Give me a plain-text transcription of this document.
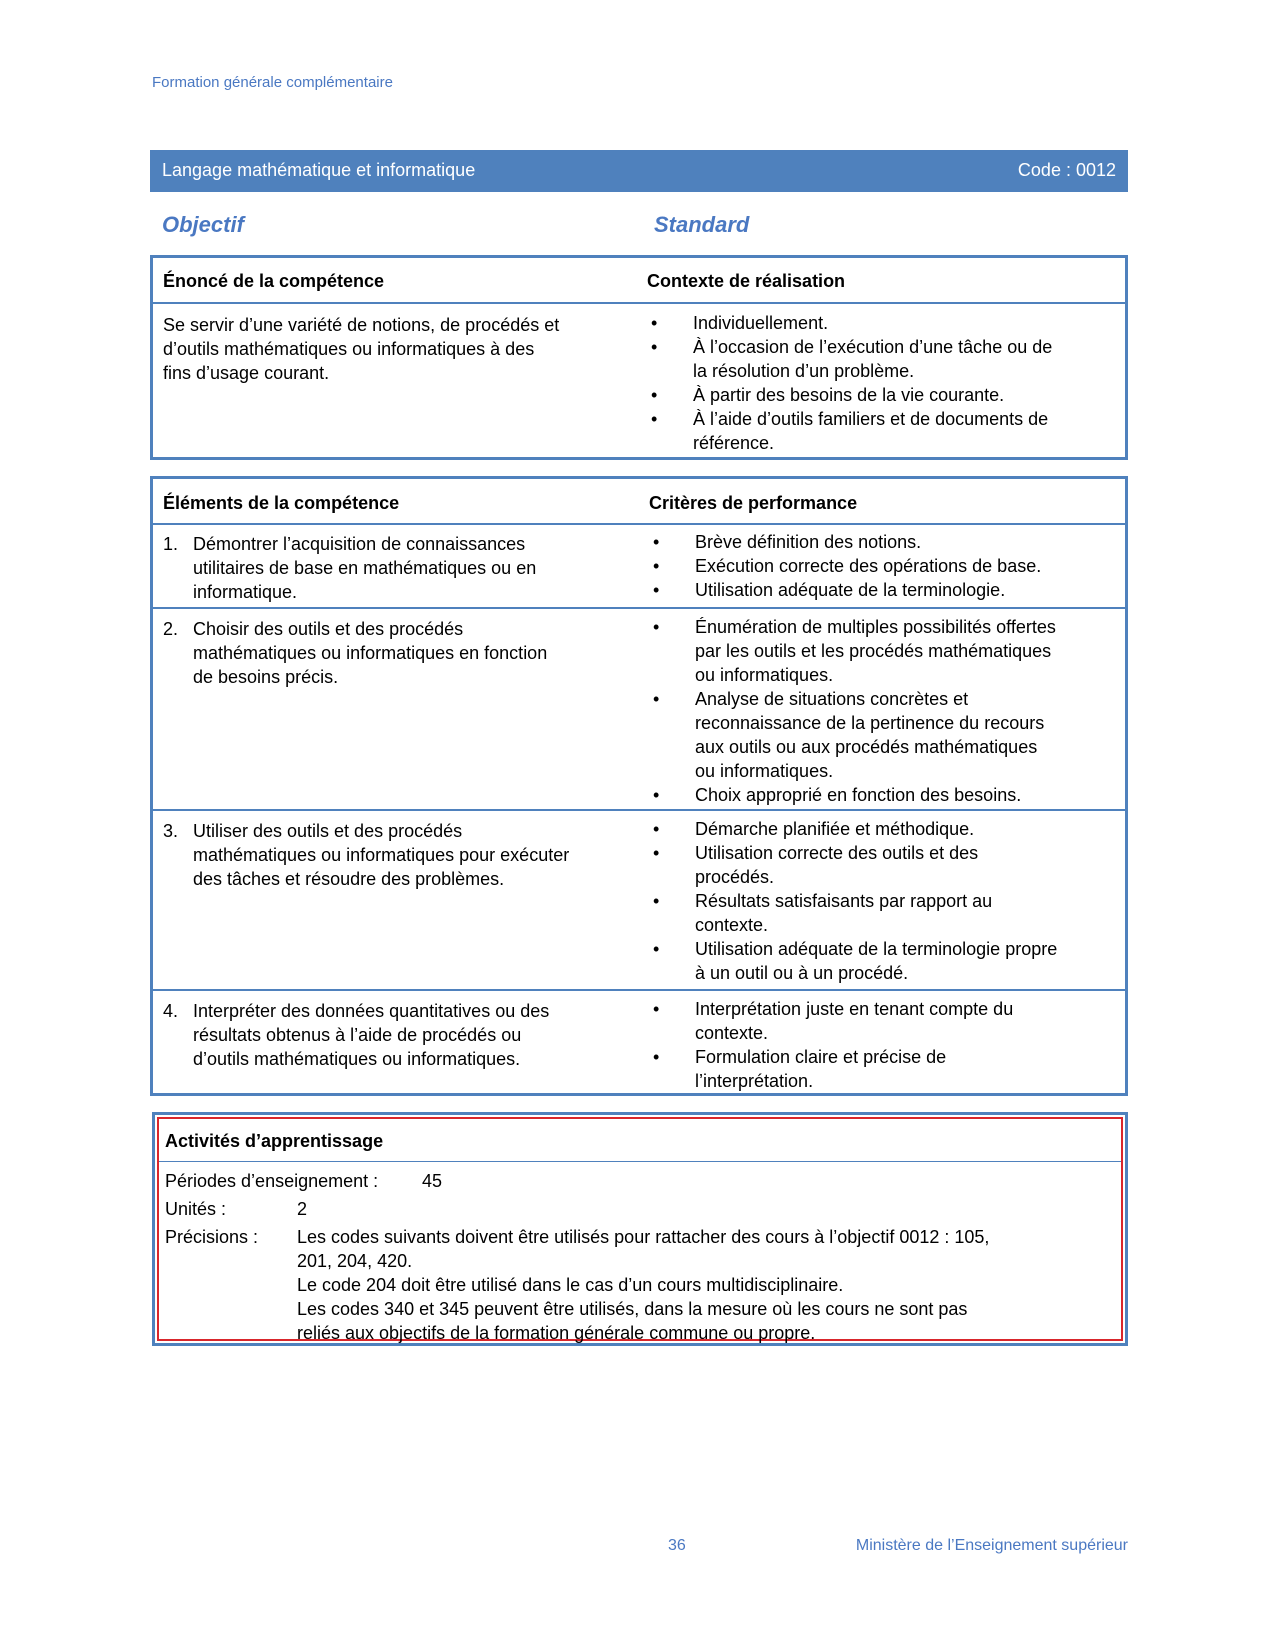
Formation générale complémentaire
Langage mathématique et informatique	Code : 0012
Objectif	Standard
Énoncé de la compétence	Contexte de réalisation
Se servir d’une variété de notions, de procédés et
d’outils mathématiques ou informatiques à des
fins d’usage courant.
• Individuellement.
• À l’occasion de l’exécution d’une tâche ou de
la résolution d’un problème.
• À partir des besoins de la vie courante.
• À l’aide d’outils familiers et de documents de
référence.
Éléments de la compétence	Critères de performance
1. Démontrer l’acquisition de connaissances
utilitaires de base en mathématiques ou en
informatique.
• Brève définition des notions.
• Exécution correcte des opérations de base.
• Utilisation adéquate de la terminologie.
2. Choisir des outils et des procédés
mathématiques ou informatiques en fonction
de besoins précis.
• Énumération de multiples possibilités offertes
par les outils et les procédés mathématiques
ou informatiques.
• Analyse de situations concrètes et
reconnaissance de la pertinence du recours
aux outils ou aux procédés mathématiques
ou informatiques.
• Choix approprié en fonction des besoins.
3. Utiliser des outils et des procédés
mathématiques ou informatiques pour exécuter
des tâches et résoudre des problèmes.
• Démarche planifiée et méthodique.
• Utilisation correcte des outils et des
procédés.
• Résultats satisfaisants par rapport au
contexte.
• Utilisation adéquate de la terminologie propre
à un outil ou à un procédé.
4. Interpréter des données quantitatives ou des
résultats obtenus à l’aide de procédés ou
d’outils mathématiques ou informatiques.
• Interprétation juste en tenant compte du
contexte.
• Formulation claire et précise de
l’interprétation.
Activités d’apprentissage
Périodes d’enseignement : 45
Unités :	2
Précisions : Les codes suivants doivent être utilisés pour rattacher des cours à l’objectif 0012 : 105,
201, 204, 420.
Le code 204 doit être utilisé dans le cas d’un cours multidisciplinaire.
Les codes 340 et 345 peuvent être utilisés, dans la mesure où les cours ne sont pas
reliés aux objectifs de la formation générale commune ou propre.
36	Ministère de l’Enseignement supérieur
